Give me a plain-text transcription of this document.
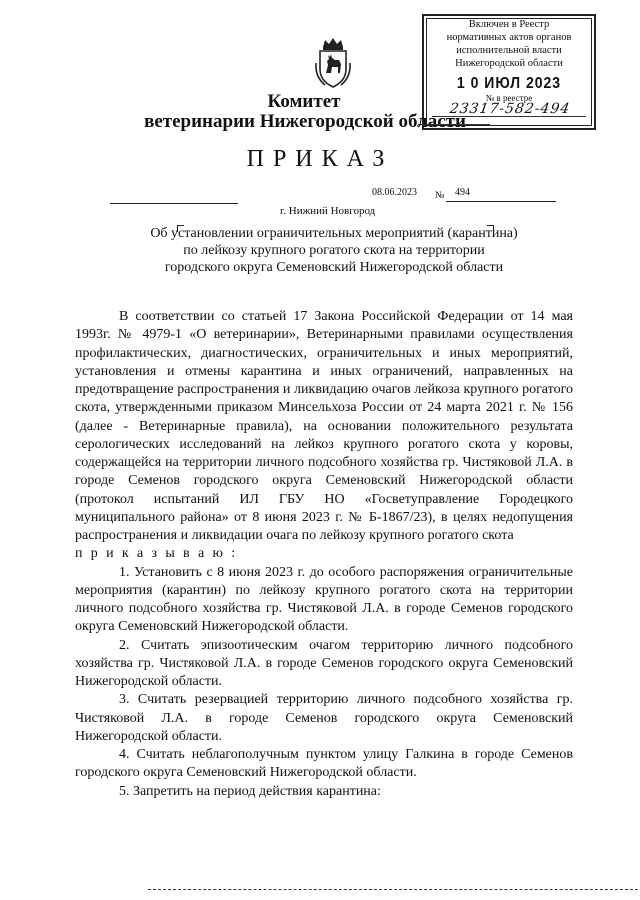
Включен в Реестр
нормативных актов органов
исполнительной власти
Нижегородской области
1 0 ИЮЛ 2023
№ в реестре
23317-582-494
Комитет
ветеринарии Нижегородской области
ПРИКАЗ
08.06.2023 № 494
г. Нижний Новгород
Об установлении ограничительных мероприятий (карантина) по лейкозу крупного рогатого скота на территории городского округа Семеновский Нижегородской области

В соответствии со статьей 17 Закона Российской Федерации от 14 мая 1993г. № 4979-1 «О ветеринарии», Ветеринарными правилами осуществления профилактических, диагностических, ограничительных и иных мероприятий, установления и отмены карантина и иных ограничений, направленных на предотвращение распространения и ликвидацию очагов лейкоза крупного рогатого скота, утвержденными приказом Минсельхоза России от 24 марта 2021 г. № 156 (далее - Ветеринарные правила), на основании положительного результата серологических исследований на лейкоз крупного рогатого скота у коровы, содержащейся на территории личного подсобного хозяйства гр. Чистяковой Л.А. в городе Семенов городского округа Семеновский Нижегородской области (протокол испытаний ИЛ ГБУ НО «Госветуправление Городецкого муниципального района» от 8 июня 2023 г. № Б-1867/23), в целях недопущения распространения и ликвидации очага по лейкозу крупного рогатого скота

п р и к а з ы в а ю :

1. Установить с 8 июня 2023 г. до особого распоряжения ограничительные мероприятия (карантин) по лейкозу крупного рогатого скота на территории личного подсобного хозяйства гр. Чистяковой Л.А. в городе Семенов городского округа Семеновский Нижегородской области.

2. Считать эпизоотическим очагом территорию личного подсобного хозяйства гр. Чистяковой Л.А. в городе Семенов городского округа Семеновский Нижегородской области.

3. Считать резервацией территорию личного подсобного хозяйства гр. Чистяковой Л.А. в городе Семенов городского округа Семеновский Нижегородской области.

4. Считать неблагополучным пунктом улицу Галкина в городе Семенов городского округа Семеновский Нижегородской области.

5. Запретить на период действия карантина:
